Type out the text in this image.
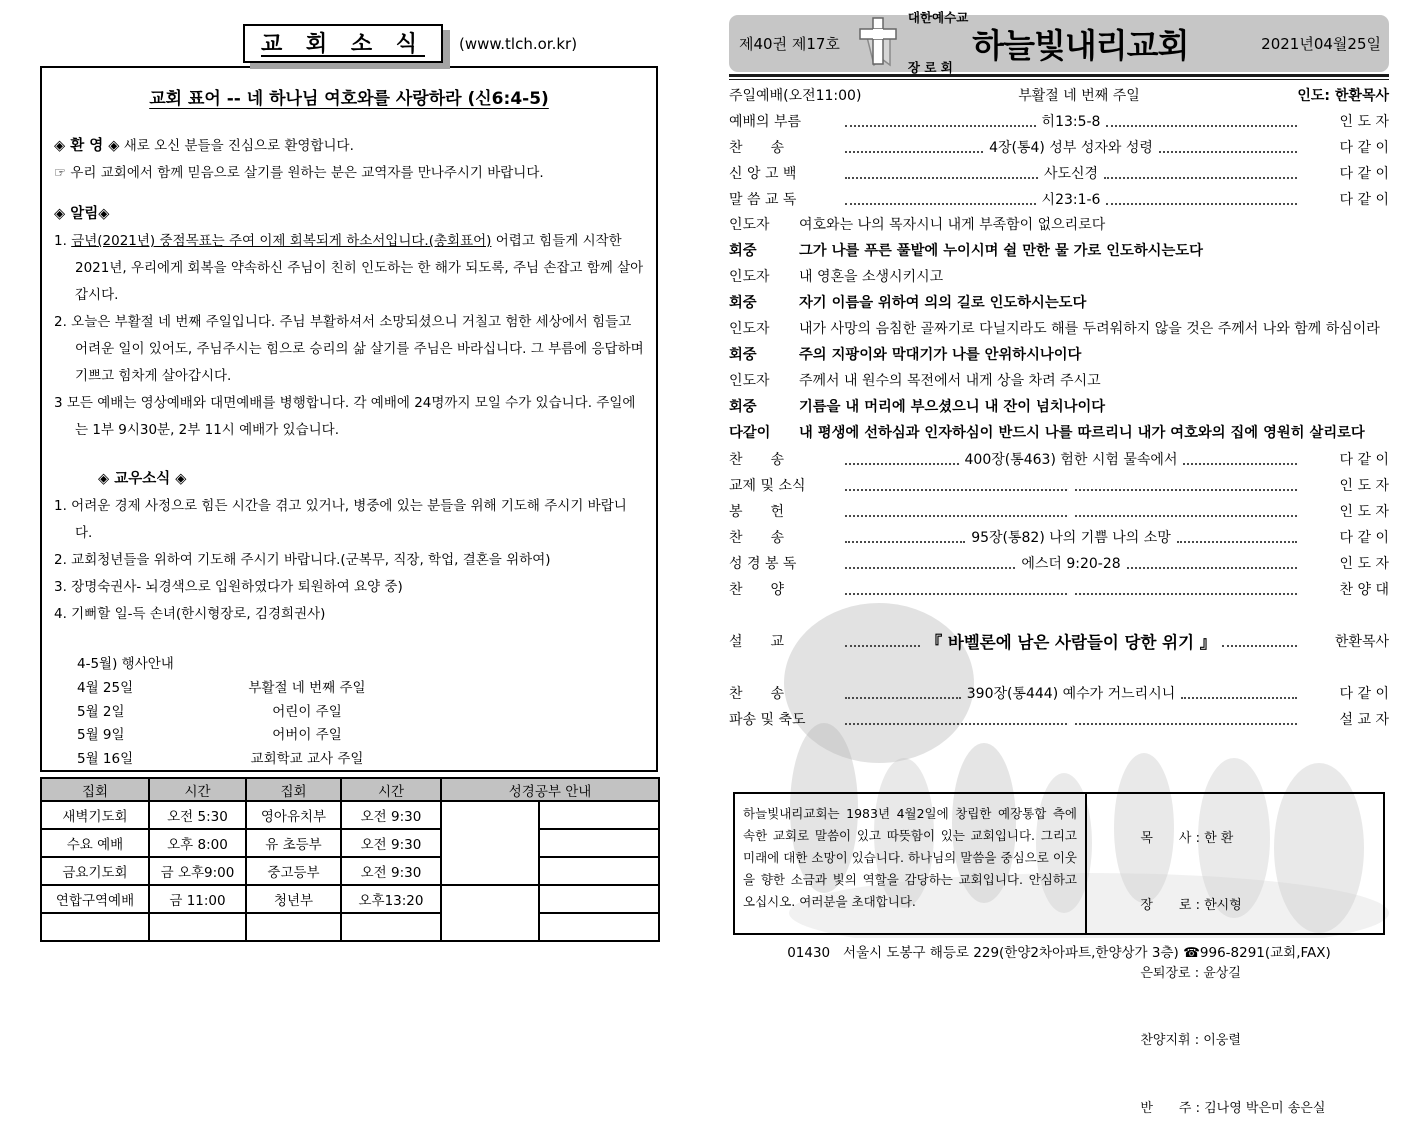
교 회 소 식	(www.tlch.or.kr)
교회 표어 -- 네 하나님 여호와를 사랑하라 (신6:4-5)
◈ 환 영 ◈ 새로 오신 분들을 진심으로 환영합니다.
☞ 우리 교회에서 함께 믿음으로 살기를 원하는 분은 교역자를 만나주시기 바랍니다.
◈ 알림◈

1. 금년(2021년) 중점목표는 주여 이제 회복되게 하소서입니다.(총회표어) 어렵고 힘들게 시작한 2021년, 우리에게 회복을 약속하신 주님이 친히 인도하는 한 해가 되도록, 주님 손잡고 함께 살아갑시다.

2. 오늘은 부활절 네 번째 주일입니다. 주님 부활하셔서 소망되셨으니 거칠고 험한 세상에서 힘들고 어려운 일이 있어도, 주님주시는 힘으로 승리의 삶 살기를 주님은 바라십니다. 그 부름에 응답하며 기쁘고 힘차게 살아갑시다.

3 모든 예배는 영상예배와 대면예배를 병행합니다. 각 예배에 24명까지 모일 수가 있습니다. 주일에는 1부 9시30분, 2부 11시 예배가 있습니다.

◈ 교우소식 ◈

1. 어려운 경제 사정으로 힘든 시간을 겪고 있거나, 병중에 있는 분들을 위해 기도해 주시기 바랍니다.

2. 교회청년들을 위하여 기도해 주시기 바랍니다.(군복무, 직장, 학업, 결혼을 위하여)

3. 장명숙권사- 뇌경색으로 입원하였다가 퇴원하여 요양 중)

4. 기뻐할 일-득 손녀(한시형장로, 김경희권사)

4-5월) 행사안내
4월 25일	부활절 네 번째 주일
5월 2일	어린이 주일
5월 9일	어버이 주일
5월 16일	교회학교 교사 주일
집회	시간	집회	시간	성경공부 안내	
새벽기도회	오전 5:30	영아유치부	오전 9:30		
수요 예배	오후 8:00	유 초등부	오전 9:30		
금요기도회	금 오후9:00	중고등부	오전 9:30		
연합구역예배	금 11:00	청년부	오후13:20		

제40권 제17호

대한예수교

장 로 회

하늘빛내리교회	2021년04월25일
주일예배(오전11:00)	부활절 네 번째 주일	인도: 한환목사
예배의 부름	히13:5-8	인 도 자
찬　　송	4장(통4) 성부 성자와 성령	다 같 이
신 앙 고 백	사도신경	다 같 이
말 씀 교 독	시23:1-6	다 같 이
인도자	여호와는 나의 목자시니 내게 부족함이 없으리로다
회중	그가 나를 푸른 풀밭에 누이시며 쉴 만한 물 가로 인도하시는도다
인도자	내 영혼을 소생시키시고
회중	자기 이름을 위하여 의의 길로 인도하시는도다
인도자	내가 사망의 음침한 골짜기로 다닐지라도 해를 두려워하지 않을 것은 주께서 나와 함께 하심이라
회중	주의 지팡이와 막대기가 나를 안위하시나이다
인도자	주께서 내 원수의 목전에서 내게 상을 차려 주시고
회중	기름을 내 머리에 부으셨으니 내 잔이 넘치나이다
다같이	내 평생에 선하심과 인자하심이 반드시 나를 따르리니 내가 여호와의 집에 영원히 살리로다
찬　　송	400장(통463) 험한 시험 물속에서	다 같 이
교제 및 소식	인 도 자
봉　　헌	인 도 자
찬　　송	95장(통82) 나의 기쁨 나의 소망	다 같 이
성 경 봉 독	에스더 9:20-28	인 도 자
찬　　양	찬 양 대
설　　교	『 바벨론에 남은 사람들이 당한 위기 』	한환목사
찬　　송	390장(통444) 예수가 거느리시니	다 같 이
파송 및 축도	설 교 자
하늘빛내리교회는 1983년 4월2일에 창립한 예장통합 측에 속한 교회로 말씀이 있고 따뜻함이 있는 교회입니다. 그리고 미래에 대한 소망이 있습니다. 하나님의 말씀을 중심으로 이웃을 향한 소금과 빛의 역할을 감당하는 교회입니다. 안심하고 오십시오. 여러분을 초대합니다.

목　　사 : 한 환

장　　로 : 한시형

은퇴장로 : 윤상길

찬양지휘 : 이웅렬

반　　주 : 김나영 박은미 송은실

01430   서울시 도봉구 해등로 229(한양2차아파트,한양상가 3층) ☎996-8291(교회,FAX)
